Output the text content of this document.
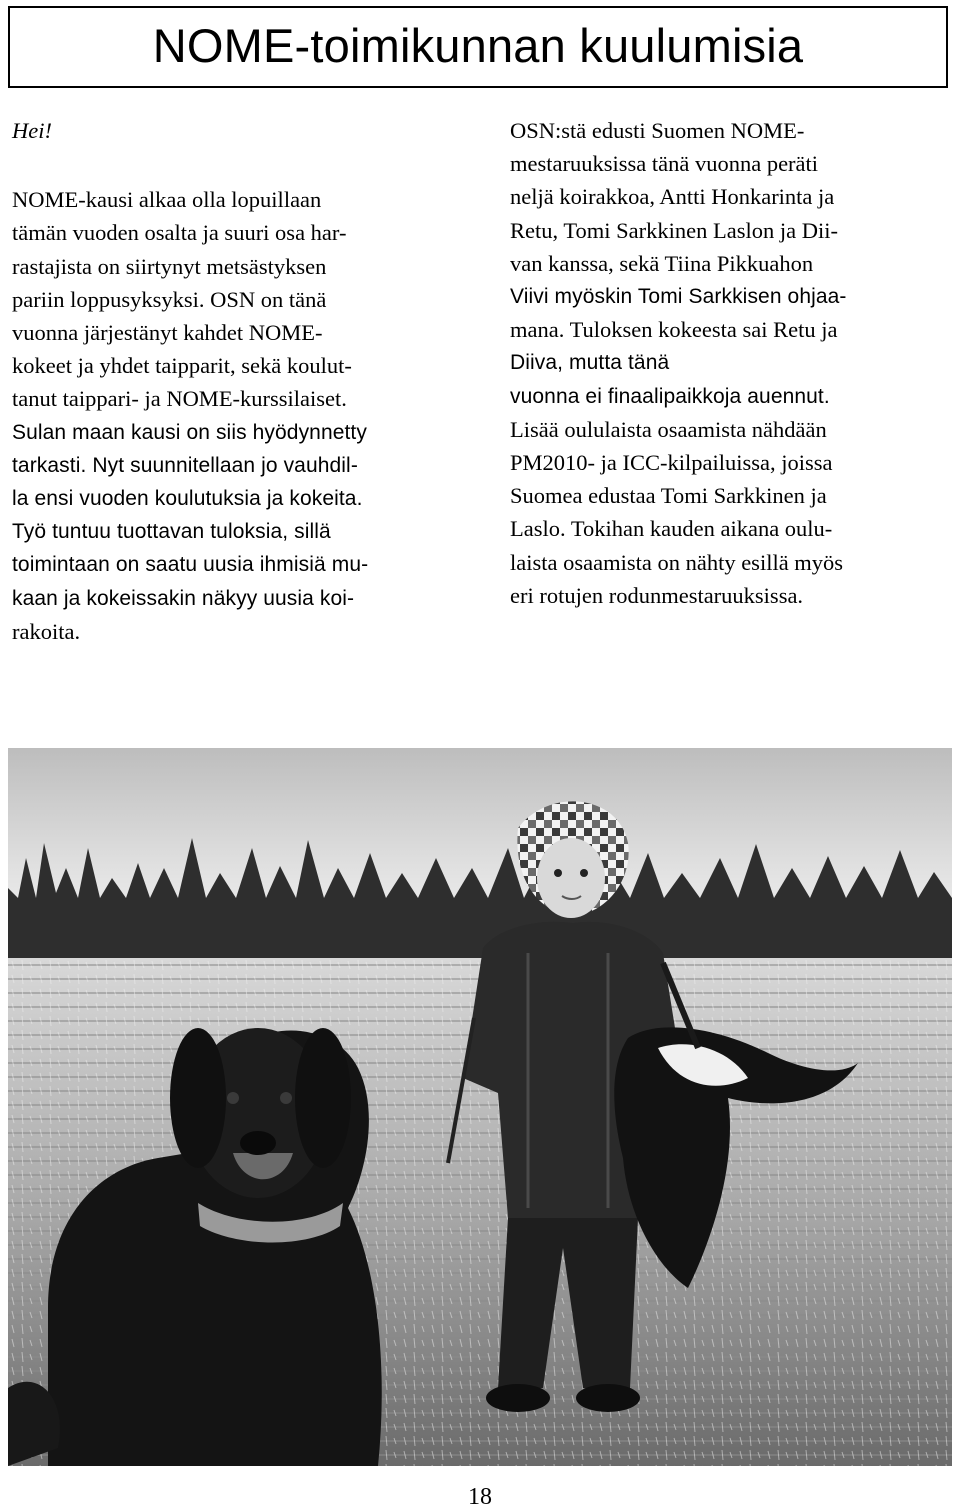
NOME-toimikunnan kuulumisia

Hei!

NOME-kausi alkaa olla lopuillaan
tämän vuoden osalta ja suuri osa har-
rastajista on siirtynyt metsästyksen
pariin loppusyksyksi. OSN on tänä
vuonna järjestänyt kahdet NOME-
kokeet ja yhdet taipparit, sekä koulut-
tanut taippari- ja NOME-kurssilaiset.
Sulan maan kausi on siis hyödynnetty
tarkasti. Nyt suunnitellaan jo vauhdil-
la ensi vuoden koulutuksia ja kokeita.
Työ tuntuu tuottavan tuloksia, sillä
toimintaan on saatu uusia ihmisiä mu-
kaan ja kokeissakin näkyy uusia koi-
rakoita.

OSN:stä edusti Suomen NOME-
mestaruuksissa tänä vuonna peräti
neljä koirakkoa, Antti Honkarinta ja
Retu, Tomi Sarkkinen Laslon ja Dii-
van kanssa, sekä Tiina Pikkuahon
Viivi myöskin Tomi Sarkkisen ohjaa-
mana. Tuloksen kokeesta sai Retu ja
Diiva, mutta tänä
vuonna ei finaalipaikkoja auennut.
Lisää oululaista osaamista nähdään
PM2010- ja ICC-kilpailuissa, joissa
Suomea edustaa Tomi Sarkkinen ja
Laslo. Tokihan kauden aikana oulu-
laista osaamista on nähty esillä myös
eri rotujen rodunmestaruuksissa.

18
